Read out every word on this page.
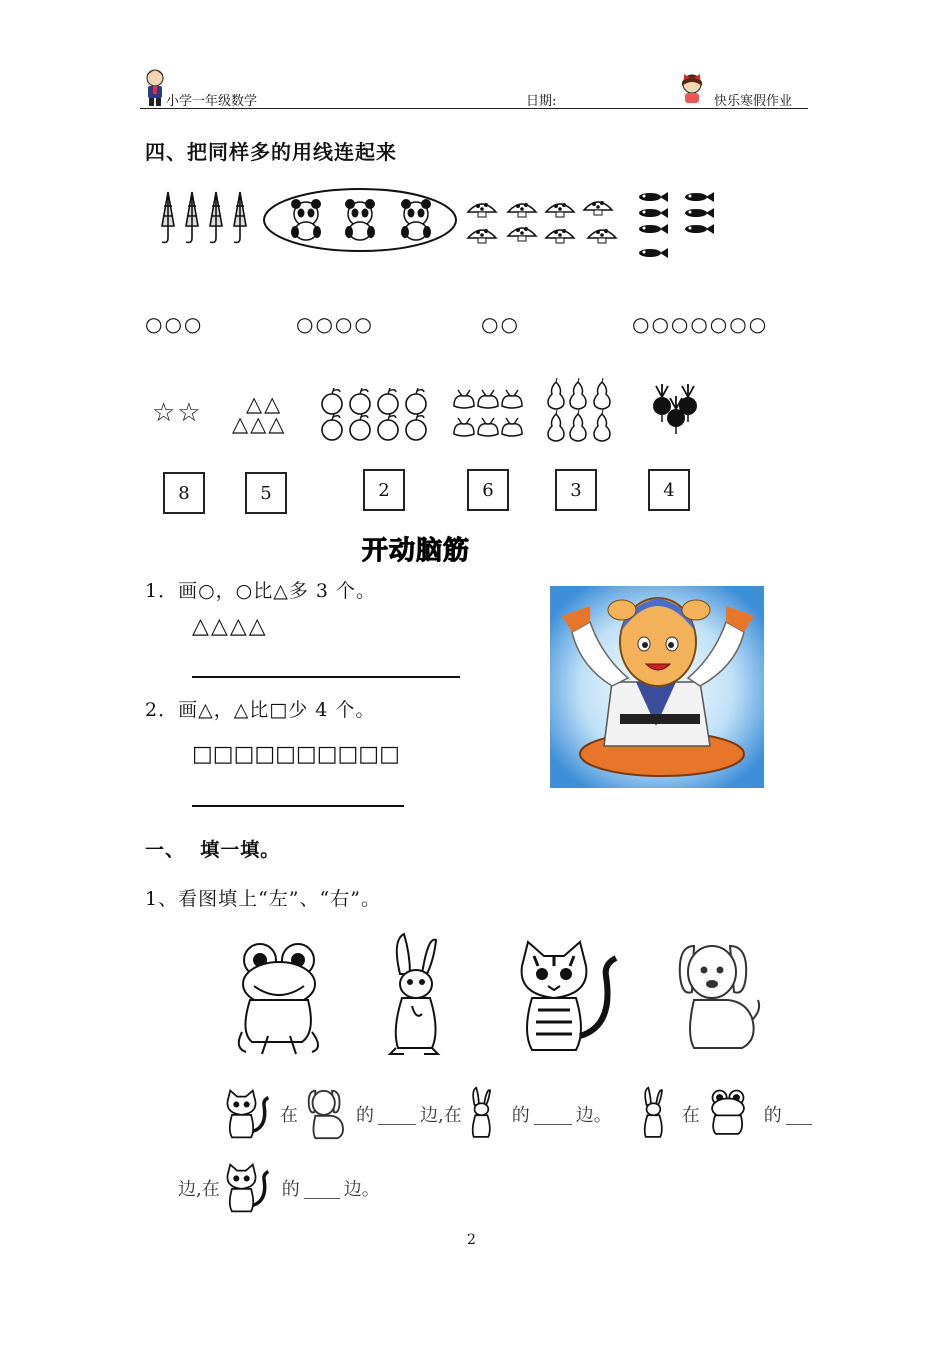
小学一年级数学	日期:	快乐寒假作业
四、把同样多的用线连起来
○○○	○○○○	○○	○○○○○○○
☆☆ △△
△△△
8	5	2	6	3	4
开动脑筋
1．画○，○比△多 3 个。
△△△△
2．画△，△比□少 4 个。
□□□□□□□□□□
一、  填一填。
1、看图填上“左”、“右”。
在	的	边,在	的	边。	在	的
边,在	的 边。
2
